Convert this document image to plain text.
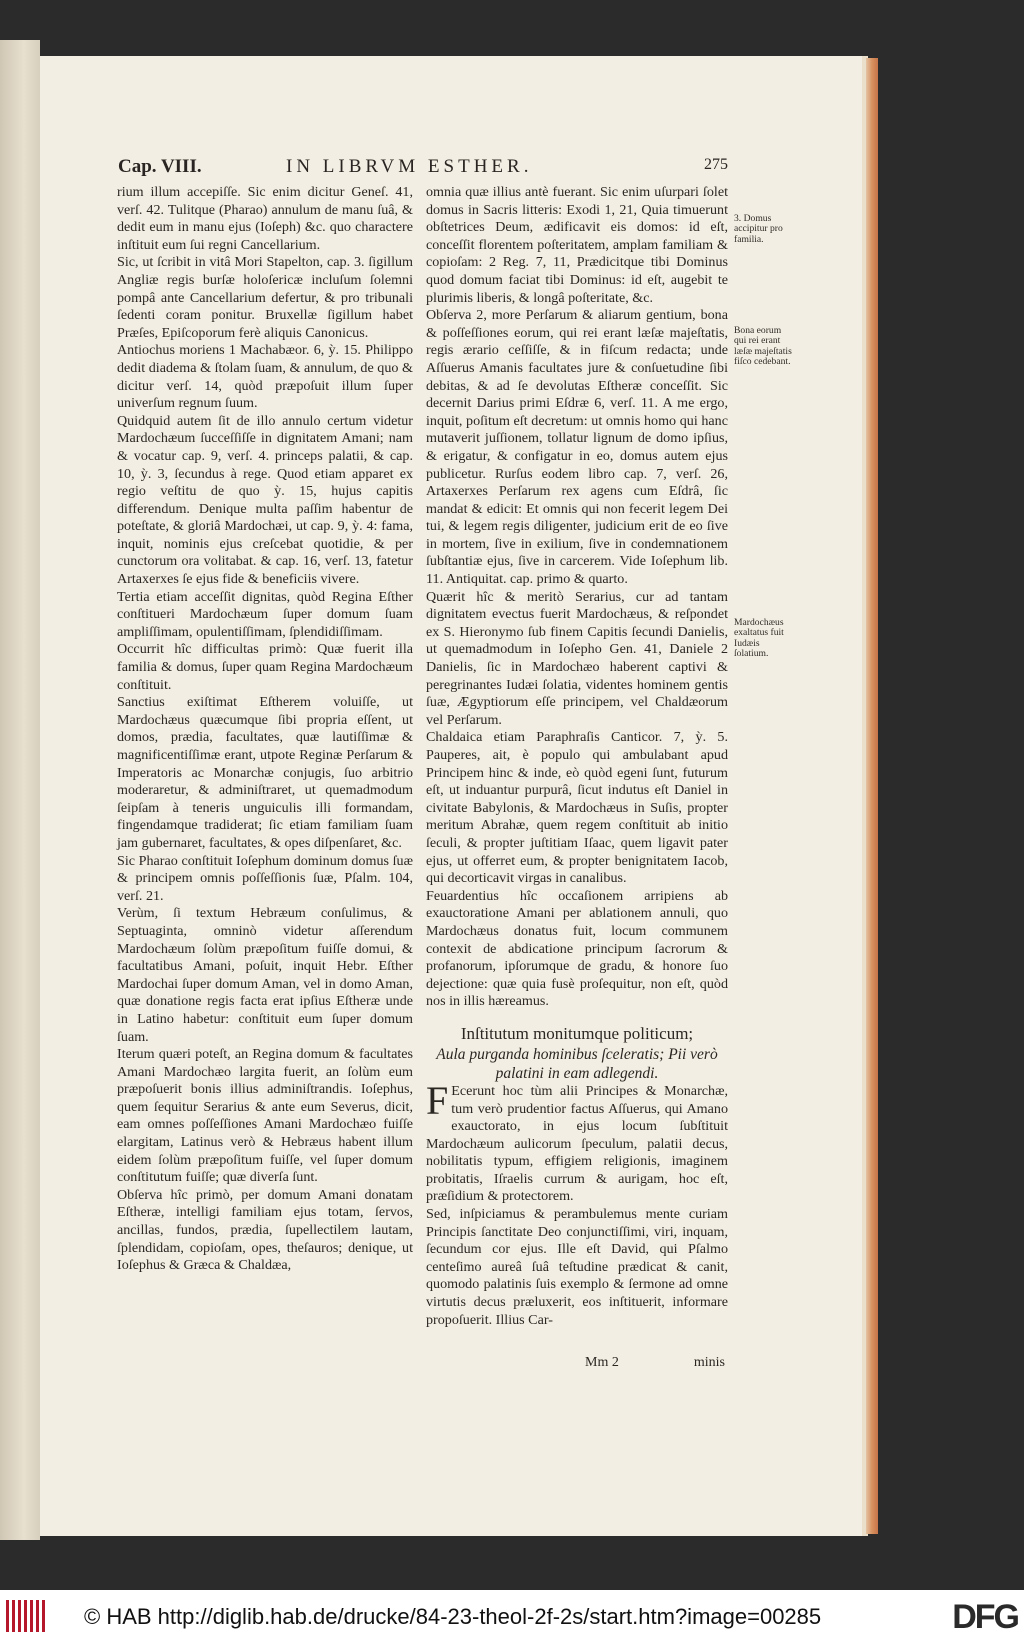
Cap. VIII.	IN LIBRVM ESTHER.	275

rium illum accepiſſe. Sic enim dicitur Geneſ. 41, verſ. 42. Tulitque (Pharao) annulum de manu ſuâ, & dedit eum in manu ejus (Ioſeph) &c. quo charactere inſtituit eum ſui regni Cancellarium.

Sic, ut ſcribit in vitâ Mori Stapelton, cap. 3. ſigillum Angliæ regis burſæ holoſericæ incluſum ſolemni pompâ ante Cancellarium defertur, & pro tribunali ſedenti coram ponitur. Bruxellæ ſigillum habet Præſes, Epiſcoporum ferè aliquis Canonicus.

Antiochus moriens 1 Machabæor. 6, ỳ. 15. Philippo dedit diadema & ſtolam ſuam, & annulum, de quo & dicitur verſ. 14, quòd præpoſuit illum ſuper univerſum regnum ſuum.

Quidquid autem ſit de illo annulo certum videtur Mardochæum ſucceſſiſſe in dignitatem Amani; nam & vocatur cap. 9, verſ. 4. princeps palatii, & cap. 10, ỳ. 3, ſecundus à rege. Quod etiam apparet ex regio veſtitu de quo ỳ. 15, hujus capitis differendum. Denique multa paſſim habentur de poteſtate, & gloriâ Mardochæi, ut cap. 9, ỳ. 4: fama, inquit, nominis ejus creſcebat quotidie, & per cunctorum ora volitabat. & cap. 16, verſ. 13, fatetur Artaxerxes ſe ejus fide & beneficiis vivere.

Tertia etiam acceſſit dignitas, quòd Regina Eſther conſtitueri Mardochæum ſuper domum ſuam ampliſſimam, opulentiſſimam, ſplendidiſſimam.

Occurrit hîc difficultas primò: Quæ fuerit illa familia & domus, ſuper quam Regina Mardochæum conſtituit.

Sanctius exiſtimat Eſtherem voluiſſe, ut Mardochæus quæcumque ſibi propria eſſent, ut domos, prædia, facultates, quæ lautiſſimæ & magnificentiſſimæ erant, utpote Reginæ Perſarum & Imperatoris ac Monarchæ conjugis, ſuo arbitrio moderaretur, & adminiſtraret, ut quemadmodum ſeipſam à teneris unguiculis illi formandam, fingendamque tradiderat; ſic etiam familiam ſuam jam gubernaret, facultates, & opes diſpenſaret, &c.

Sic Pharao conſtituit Ioſephum dominum domus ſuæ & principem omnis poſſeſſionis ſuæ, Pſalm. 104, verſ. 21.

Verùm, ſi textum Hebræum conſulimus, & Septuaginta, omninò videtur aſſerendum Mardochæum ſolùm præpoſitum fuiſſe domui, & facultatibus Amani, poſuit, inquit Hebr. Eſther Mardochai ſuper domum Aman, vel in domo Aman, quæ donatione regis facta erat ipſius Eſtheræ unde in Latino habetur: conſtituit eum ſuper domum ſuam.

Iterum quæri poteſt, an Regina domum & facultates Amani Mardochæo largita fuerit, an ſolùm eum præpoſuerit bonis illius adminiſtrandis. Ioſephus, quem ſequitur Serarius & ante eum Severus, dicit, eam omnes poſſeſſiones Amani Mardochæo fuiſſe elargitam, Latinus verò & Hebræus habent illum eidem ſolùm præpoſitum fuiſſe, vel ſuper domum conſtitutum fuiſſe; quæ diverſa ſunt.

Obſerva hîc primò, per domum Amani donatam Eſtheræ, intelligi familiam ejus totam, ſervos, ancillas, fundos, prædia, ſupellectilem lautam, ſplendidam, copioſam, opes, theſauros; denique, ut Ioſephus & Græca & Chaldæa,

omnia quæ illius antè fuerant. Sic enim uſurpari ſolet domus in Sacris litteris: Exodi 1, 21, Quia timuerunt obſtetrices Deum, ædificavit eis domos: id eſt, conceſſit florentem poſteritatem, amplam familiam & copioſam: 2 Reg. 7, 11, Prædicitque tibi Dominus quod domum faciat tibi Dominus: id eſt, augebit te plurimis liberis, & longâ poſteritate, &c.

Obſerva 2, more Perſarum & aliarum gentium, bona & poſſeſſiones eorum, qui rei erant læſæ majeſtatis, regis ærario ceſſiſſe, & in fiſcum redacta; unde Aſſuerus Amanis facultates jure & conſuetudine ſibi debitas, & ad ſe devolutas Eſtheræ conceſſit. Sic decernit Darius primi Eſdræ 6, verſ. 11. A me ergo, inquit, poſitum eſt decretum: ut omnis homo qui hanc mutaverit juſſionem, tollatur lignum de domo ipſius, & erigatur, & configatur in eo, domus autem ejus publicetur. Rurſus eodem libro cap. 7, verſ. 26, Artaxerxes Perſarum rex agens cum Eſdrâ, ſic mandat & edicit: Et omnis qui non fecerit legem Dei tui, & legem regis diligenter, judicium erit de eo ſive in mortem, ſive in exilium, ſive in condemnationem ſubſtantiæ ejus, ſive in carcerem. Vide Ioſephum lib. 11. Antiquitat. cap. primo & quarto.

Quærit hîc & meritò Serarius, cur ad tantam dignitatem evectus fuerit Mardochæus, & reſpondet ex S. Hieronymo ſub finem Capitis ſecundi Danielis, ut quemadmodum in Ioſepho Gen. 41, Daniele 2 Danielis, ſic in Mardochæo haberent captivi & peregrinantes Iudæi ſolatia, videntes hominem gentis ſuæ, Ægyptiorum eſſe principem, vel Chaldæorum vel Perſarum.

Chaldaica etiam Paraphraſis Canticor. 7, ỳ. 5. Pauperes, ait, è populo qui ambulabant apud Principem hinc & inde, eò quòd egeni ſunt, futurum eſt, ut induantur purpurâ, ſicut indutus eſt Daniel in civitate Babylonis, & Mardochæus in Suſis, propter meritum Abrahæ, quem regem conſtituit ab initio ſeculi, & propter juſtitiam Iſaac, quem ligavit pater ejus, ut offerret eum, & propter benignitatem Iacob, qui decorticavit virgas in canalibus.

Feuardentius hîc occaſionem arripiens ab exauctoratione Amani per ablationem annuli, quo Mardochæus donatus fuit, locum communem contexit de abdicatione principum ſacrorum & profanorum, ipſorumque de gradu, & honore ſuo dejectione: quæ quia fusè proſequitur, non eſt, quòd nos in illis hæreamus.

Inſtitutum monitumque politicum;
Aula purganda hominibus ſceleratis; Pii verò palatini in eam adlegendi.

F Ecerunt hoc tùm alii Principes & Monarchæ, tum verò prudentior factus Aſſuerus, qui Amano exauctorato, in ejus locum ſubſtituit Mardochæum aulicorum ſpeculum, palatii decus, nobilitatis typum, effigiem religionis, imaginem probitatis, Iſraelis currum & aurigam, hoc eſt, præſidium & protectorem.

Sed, inſpiciamus & perambulemus mente curiam Principis ſanctitate Deo conjunctiſſimi, viri, inquam, ſecundum cor ejus. Ille eſt David, qui Pſalmo centeſimo aureâ ſuâ teſtudine prædicat & canit, quomodo palatinis ſuis exemplo & ſermone ad omne virtutis decus præluxerit, eos inſtituerit, informare propoſuerit. Illius Car-

3. Domus accipitur pro familia.
Bona eorum qui rei erant læſæ majeſtatis fiſco cedebant.
Mardochæus exaltatus fuit Iudæis ſolatium.
Mm 2	minis
© HAB http://diglib.hab.de/drucke/84-23-theol-2f-2s/start.htm?image=00285	DFG
